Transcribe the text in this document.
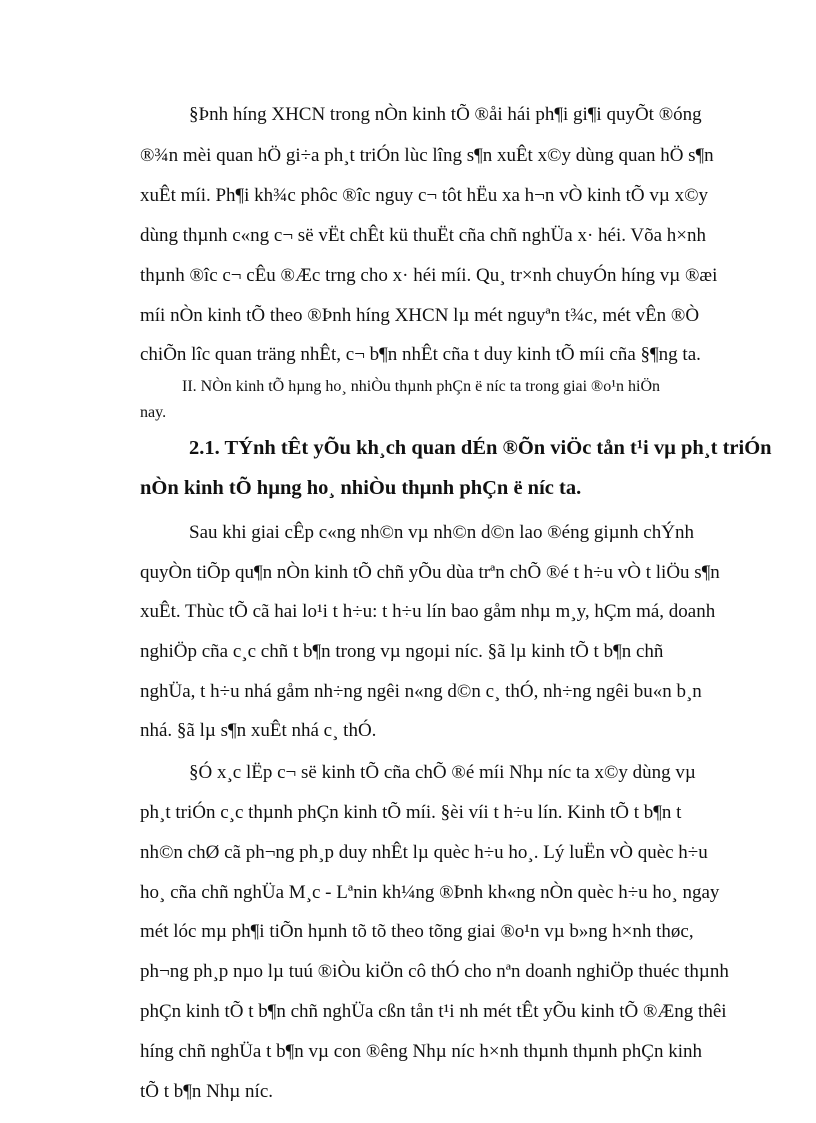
§Þnh híng XHCN trong nÒn kinh tÕ ®åi hái ph¶i gi¶i quyÕt ®óng

®¾n mèi quan hÖ gi÷a ph¸t triÓn lùc lîng s¶n xuÊt x©y dùng quan hÖ s¶n

xuÊt míi. Ph¶i kh¾c phôc ®îc nguy c¬ tôt hËu xa h¬n vÒ kinh tÕ vµ x©y

dùng thµnh c«ng c¬ së vËt chÊt kü thuËt cña chñ nghÜa x· héi. Võa h×nh

thµnh ®îc c¬ cÊu ®Æc trng cho x· héi míi. Qu¸ tr×nh chuyÓn híng vµ ®æi

míi nÒn kinh tÕ theo ®Þnh híng XHCN lµ mét nguyªn t¾c, mét vÊn ®Ò

chiÕn lîc quan träng nhÊt, c¬ b¶n nhÊt cña t duy kinh tÕ míi cña §¶ng ta.

II. NÒn kinh tÕ hµng ho¸ nhiÒu thµnh phÇn ë níc ta trong giai ®o¹n hiÖn

nay.

2.1. TÝnh tÊt yÕu kh¸ch quan dÉn ®Õn viÖc tån t¹i vµ ph¸t triÓn

nÒn kinh tÕ hµng ho¸ nhiÒu thµnh phÇn ë níc ta.

Sau khi giai cÊp c«ng nh©n vµ nh©n d©n lao ®éng giµnh chÝnh

quyÒn tiÕp qu¶n nÒn kinh tÕ chñ yÕu dùa trªn chÕ ®é t h÷u vÒ t liÖu s¶n

xuÊt. Thùc tÕ cã hai lo¹i t h÷u: t h÷u lín bao gåm nhµ m¸y, hÇm má, doanh

nghiÖp cña c¸c chñ t b¶n trong vµ ngoµi níc. §ã lµ kinh tÕ t b¶n chñ

nghÜa, t h÷u nhá gåm nh÷ng ngêi n«ng d©n c¸ thÓ, nh÷ng ngêi bu«n b¸n

nhá. §ã lµ s¶n xuÊt nhá c¸ thÓ.

§Ó x¸c lËp c¬ së kinh tÕ cña chÕ ®é míi Nhµ níc ta x©y dùng vµ

ph¸t triÓn c¸c thµnh phÇn kinh tÕ míi. §èi víi t h÷u lín. Kinh tÕ t b¶n t

nh©n chØ cã ph¬ng ph¸p duy nhÊt lµ quèc h÷u ho¸. Lý luËn vÒ quèc h÷u

ho¸ cña chñ nghÜa M¸c - Lªnin kh¼ng ®Þnh kh«ng nÒn quèc h÷u ho¸ ngay

mét lóc mµ ph¶i tiÕn hµnh tõ tõ theo tõng giai ®o¹n vµ b»ng h×nh thøc,

ph¬ng ph¸p nµo lµ tuú ®iÒu kiÖn cô thÓ cho nªn doanh nghiÖp thuéc thµnh

phÇn kinh tÕ t b¶n chñ nghÜa cßn tån t¹i nh mét tÊt yÕu kinh tÕ ®Æng thêi

híng chñ nghÜa t b¶n vµ con ®êng Nhµ níc h×nh thµnh thµnh phÇn kinh

tÕ t b¶n Nhµ níc.
